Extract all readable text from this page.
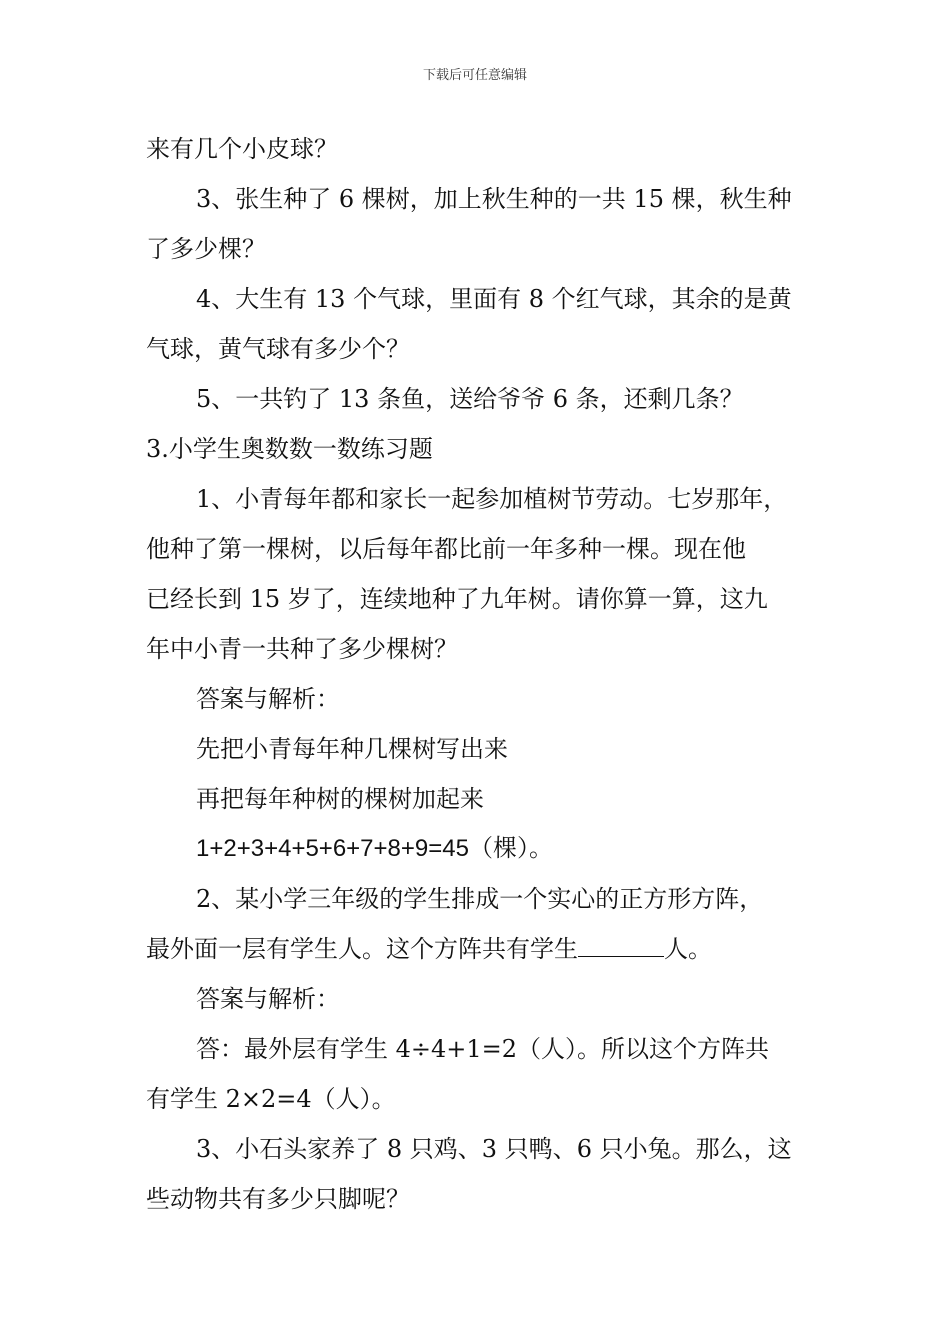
下载后可任意编辑
来有几个小皮球？
3、张生种了 6 棵树，加上秋生种的一共 15 棵，秋生种
了多少棵？
4、大生有 13 个气球，里面有 8 个红气球，其余的是黄
气球，黄气球有多少个？
5、一共钓了 13 条鱼，送给爷爷 6 条，还剩几条？
3.小学生奥数数一数练习题
1、小青每年都和家长一起参加植树节劳动。七岁那年，
他种了第一棵树，以后每年都比前一年多种一棵。现在他
已经长到 15 岁了，连续地种了九年树。请你算一算，这九
年中小青一共种了多少棵树？
答案与解析：
先把小青每年种几棵树写出来
再把每年种树的棵树加起来
1+2+3+4+5+6+7+8+9=45（棵）。
2、某小学三年级的学生排成一个实心的正方形方阵，
最外面一层有学生人。这个方阵共有学生	人。
答案与解析：
答：最外层有学生 4÷4+1=2（人）。所以这个方阵共
有学生 2×2=4（人）。
3、小石头家养了 8 只鸡、3 只鸭、6 只小兔。那么，这
些动物共有多少只脚呢？
